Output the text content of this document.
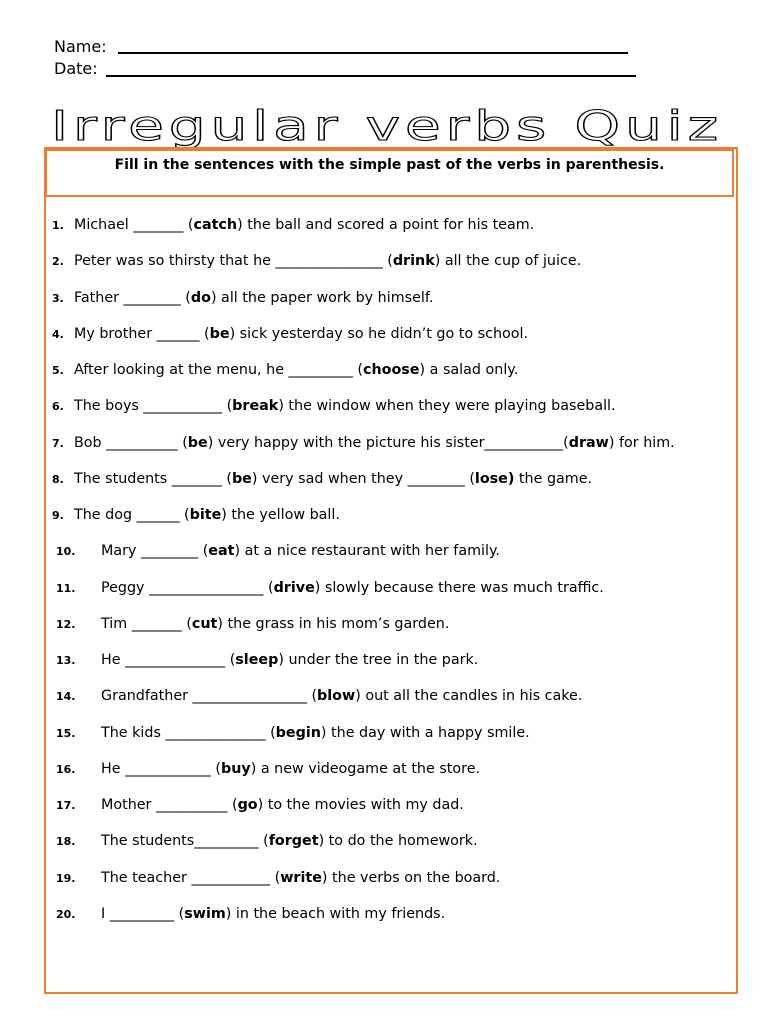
Name:
Date:
Irregular verbs Quiz
Fill in the sentences with the simple past of the verbs in parenthesis.
1. Michael _______ (catch) the ball and scored a point for his team.
2. Peter was so thirsty that he _______________ (drink) all the cup of juice.
3. Father ________ (do) all the paper work by himself.
4. My brother ______ (be) sick yesterday so he didn’t go to school.
5. After looking at the menu, he _________ (choose) a salad only.
6. The boys ___________ (break) the window when they were playing baseball.
7. Bob __________ (be) very happy with the picture his sister___________(draw) for him.
8. The students _______ (be) very sad when they ________ (lose) the game.
9. The dog ______ (bite) the yellow ball.
10. Mary ________ (eat) at a nice restaurant with her family.
11. Peggy ________________ (drive) slowly because there was much traffic.
12. Tim _______ (cut) the grass in his mom’s garden.
13. He ______________ (sleep) under the tree in the park.
14. Grandfather ________________ (blow) out all the candles in his cake.
15. The kids ______________ (begin) the day with a happy smile.
16. He ____________ (buy) a new videogame at the store.
17. Mother __________ (go) to the movies with my dad.
18. The students_________ (forget) to do the homework.
19. The teacher ___________ (write) the verbs on the board.
20. I _________ (swim) in the beach with my friends.
